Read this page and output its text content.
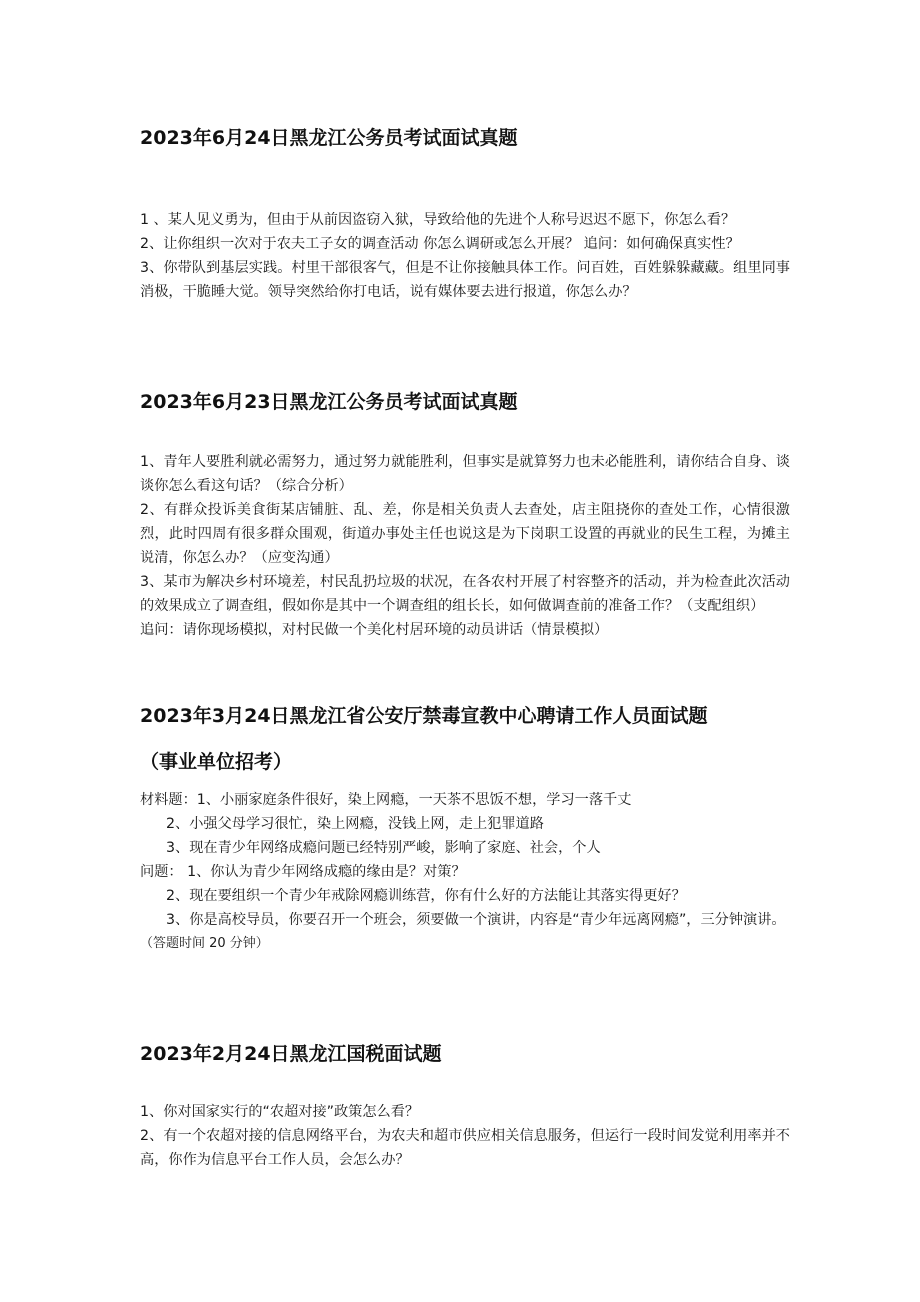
2023年6月24日黑龙江公务员考试面试真题

1 、某人见义勇为，但由于从前因盗窃入狱，导致给他的先进个人称号迟迟不愿下，你怎么看？

2、让你组织一次对于农夫工子女的调查活动 你怎么调研或怎么开展？ 追问：如何确保真实性？

3、你带队到基层实践。村里干部很客气，但是不让你接触具体工作。问百姓，百姓躲躲藏藏。组里同事消极，干脆睡大觉。领导突然给你打电话，说有媒体要去进行报道，你怎么办？

2023年6月23日黑龙江公务员考试面试真题

1、青年人要胜利就必需努力，通过努力就能胜利，但事实是就算努力也未必能胜利，请你结合自身、谈谈你怎么看这句话？（综合分析）

2、有群众投诉美食街某店铺脏、乱、差，你是相关负责人去查处，店主阻挠你的查处工作，心情很激烈，此时四周有很多群众围观，街道办事处主任也说这是为下岗职工设置的再就业的民生工程，为摊主说清，你怎么办？（应变沟通）

3、某市为解决乡村环境差，村民乱扔垃圾的状况，在各农村开展了村容整齐的活动，并为检查此次活动的效果成立了调查组，假如你是其中一个调查组的组长长，如何做调查前的准备工作？（支配组织）

追问：请你现场模拟，对村民做一个美化村居环境的动员讲话（情景模拟）

2023年3月24日黑龙江省公安厅禁毒宣教中心聘请工作人员面试题
（事业单位招考）

材料题：1、小丽家庭条件很好，染上网瘾，一天茶不思饭不想，学习一落千丈

2、小强父母学习很忙，染上网瘾，没钱上网，走上犯罪道路

3、现在青少年网络成瘾问题已经特别严峻，影响了家庭、社会，个人

问题： 1、你认为青少年网络成瘾的缘由是？对策？

2、现在要组织一个青少年戒除网瘾训练营，你有什么好的方法能让其落实得更好？

3、你是高校导员，你要召开一个班会，须要做一个演讲，内容是“青少年远离网瘾”，三分钟演讲。

（答题时间 20 分钟）

2023年2月24日黑龙江国税面试题

1、你对国家实行的“农超对接”政策怎么看？

2、有一个农超对接的信息网络平台，为农夫和超市供应相关信息服务，但运行一段时间发觉利用率并不高，你作为信息平台工作人员，会怎么办？
